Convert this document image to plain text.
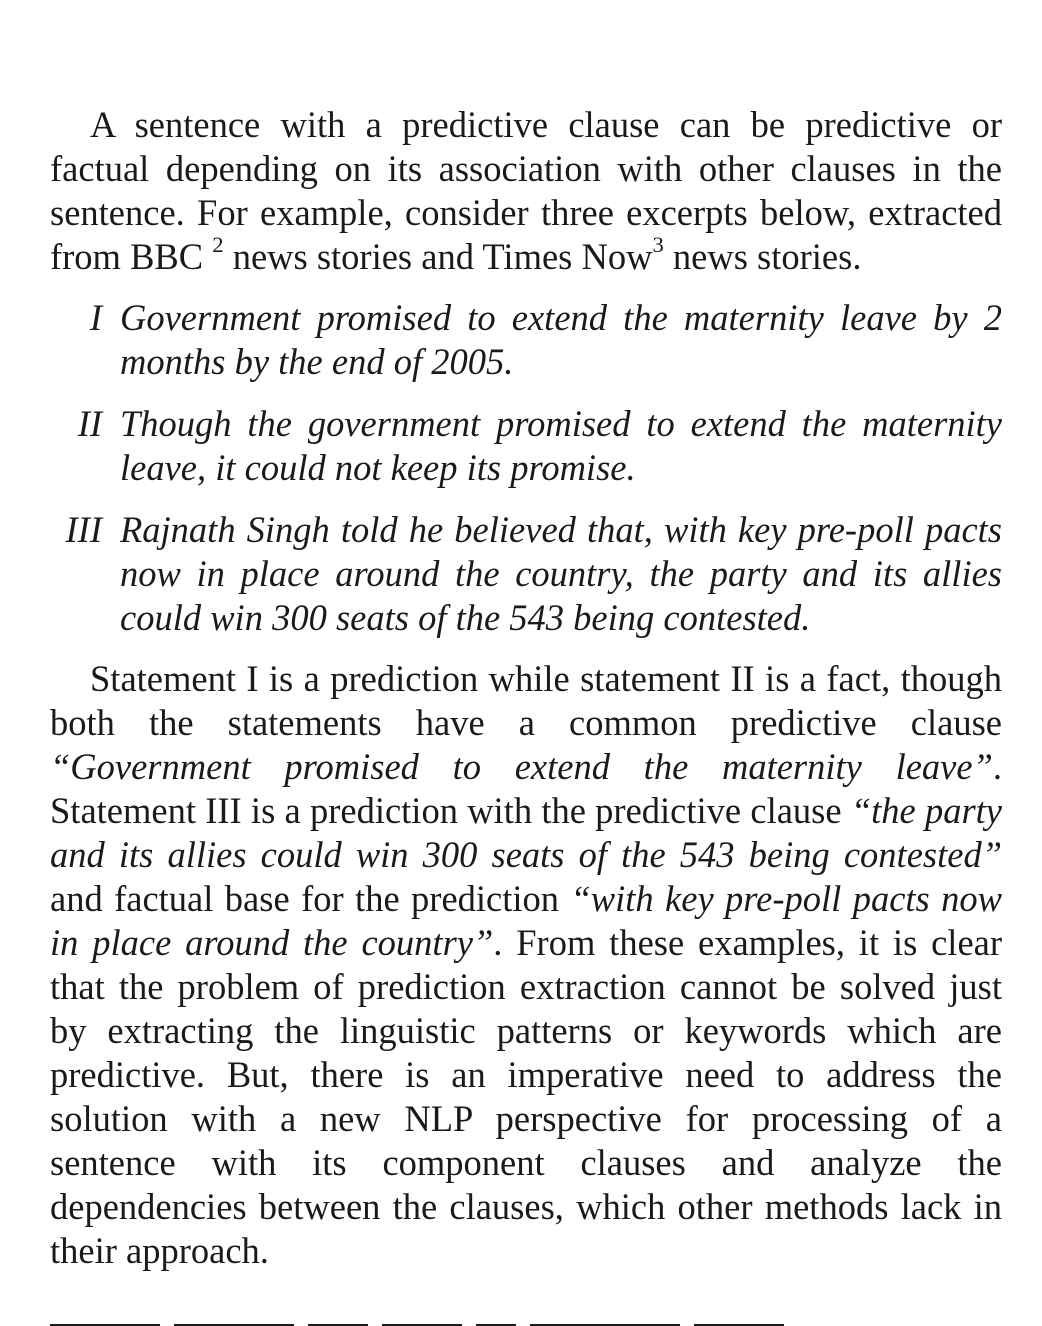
A sentence with a predictive clause can be predictive or factual depending on its association with other clauses in the sentence. For example, consider three excerpts below, extracted from BBC $^2$ news stories and Times Now$^3$ news stories.

I Government promised to extend the maternity leave by 2 months by the end of 2005.
II Though the government promised to extend the maternity leave, it could not keep its promise.
III Rajnath Singh told he believed that, with key pre-poll pacts now in place around the country, the party and its allies could win 300 seats of the 543 being contested.

Statement I is a prediction while statement II is a fact, though both the statements have a common predictive clause “Government promised to extend the maternity leave”. Statement III is a prediction with the predictive clause “the party and its allies could win 300 seats of the 543 being contested” and factual base for the prediction “with key pre-poll pacts now in place around the country”. From these examples, it is clear that the problem of prediction extraction cannot be solved just by extracting the linguistic patterns or keywords which are predictive. But, there is an imperative need to address the solution with a new NLP perspective for processing of a sentence with its component clauses and analyze the dependencies between the clauses, which other methods lack in their approach.
